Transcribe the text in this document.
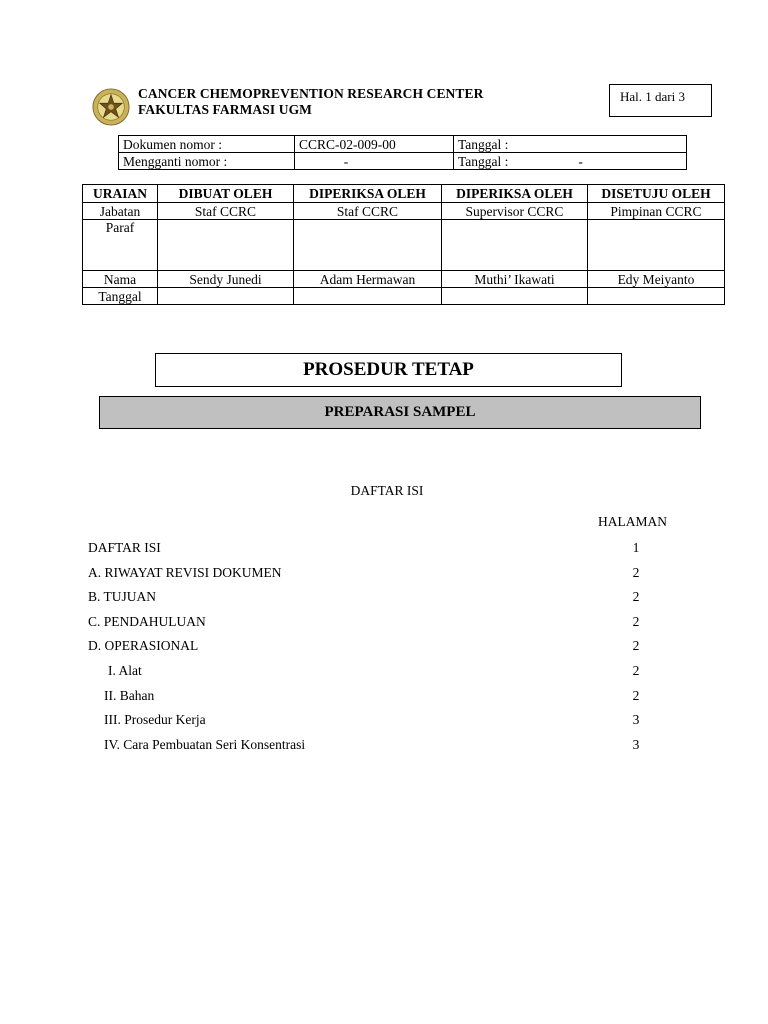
CANCER CHEMOPREVENTION RESEARCH CENTER
FAKULTAS FARMASI UGM
Hal. 1 dari 3
Dokumen nomor :	CCRC-02-009-00	Tanggal :
Mengganti nomor :	-	Tanggal : -
URAIAN	DIBUAT OLEH	DIPERIKSA OLEH	DIPERIKSA OLEH	DISETUJU OLEH
Jabatan	Staf CCRC	Staf CCRC	Supervisor CCRC	Pimpinan CCRC
Paraf				
Nama	Sendy Junedi	Adam Hermawan	Muthi’ Ikawati	Edy Meiyanto
Tanggal				
PROSEDUR TETAP
PREPARASI SAMPEL
DAFTAR ISI
HALAMAN
DAFTAR ISI	1
A. RIWAYAT REVISI DOKUMEN	2
B. TUJUAN	2
C. PENDAHULUAN	2
D. OPERASIONAL	2
I. Alat	2
II. Bahan	2
III. Prosedur Kerja	3
IV. Cara Pembuatan Seri Konsentrasi	3
